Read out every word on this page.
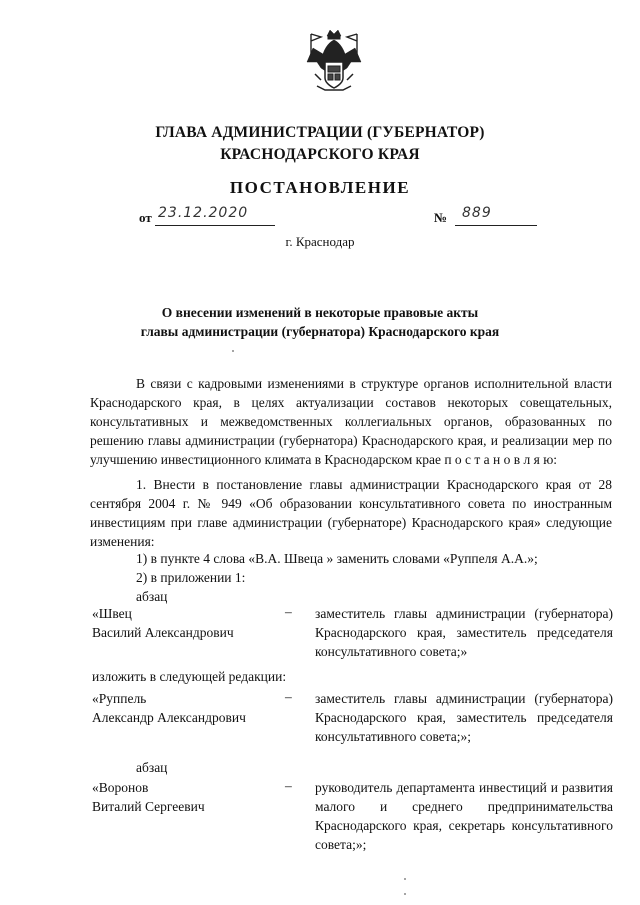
ГЛАВА АДМИНИСТРАЦИИ (ГУБЕРНАТОР)
КРАСНОДАРСКОГО КРАЯ
ПОСТАНОВЛЕНИЕ
от 23.12.2020	№ 889
г. Краснодар
О внесении изменений в некоторые правовые акты
главы администрации (губернатора) Краснодарского края
В связи с кадровыми изменениями в структуре органов исполнительной власти Краснодарского края, в целях актуализации составов некоторых совещательных, консультативных и межведомственных коллегиальных органов, образованных по решению главы администрации (губернатора) Краснодарского края, и реализации мер по улучшению инвестиционного климата в Краснодарском крае п о с т а н о в л я ю:
1. Внести в постановление главы администрации Краснодарского края от 28 сентября 2004 г. № 949 «Об образовании консультативного совета по иностранным инвестициям при главе администрации (губернаторе) Краснодарского края» следующие изменения:
1) в пункте 4 слова «В.А. Швеца » заменить словами «Руппеля А.А.»;
2) в приложении 1:
абзац
«Швец
Василий Александрович
– заместитель главы администрации (губернатора) Краснодарского края, заместитель председателя консультативного совета;»
изложить в следующей редакции:
«Руппель
Александр Александрович
– заместитель главы администрации (губернатора) Краснодарского края, заместитель председателя консультативного совета;»;
абзац
«Воронов
Виталий Сергеевич
– руководитель департамента инвестиций и развития малого и среднего предпринимательства Краснодарского края, секретарь консультативного совета;»;
